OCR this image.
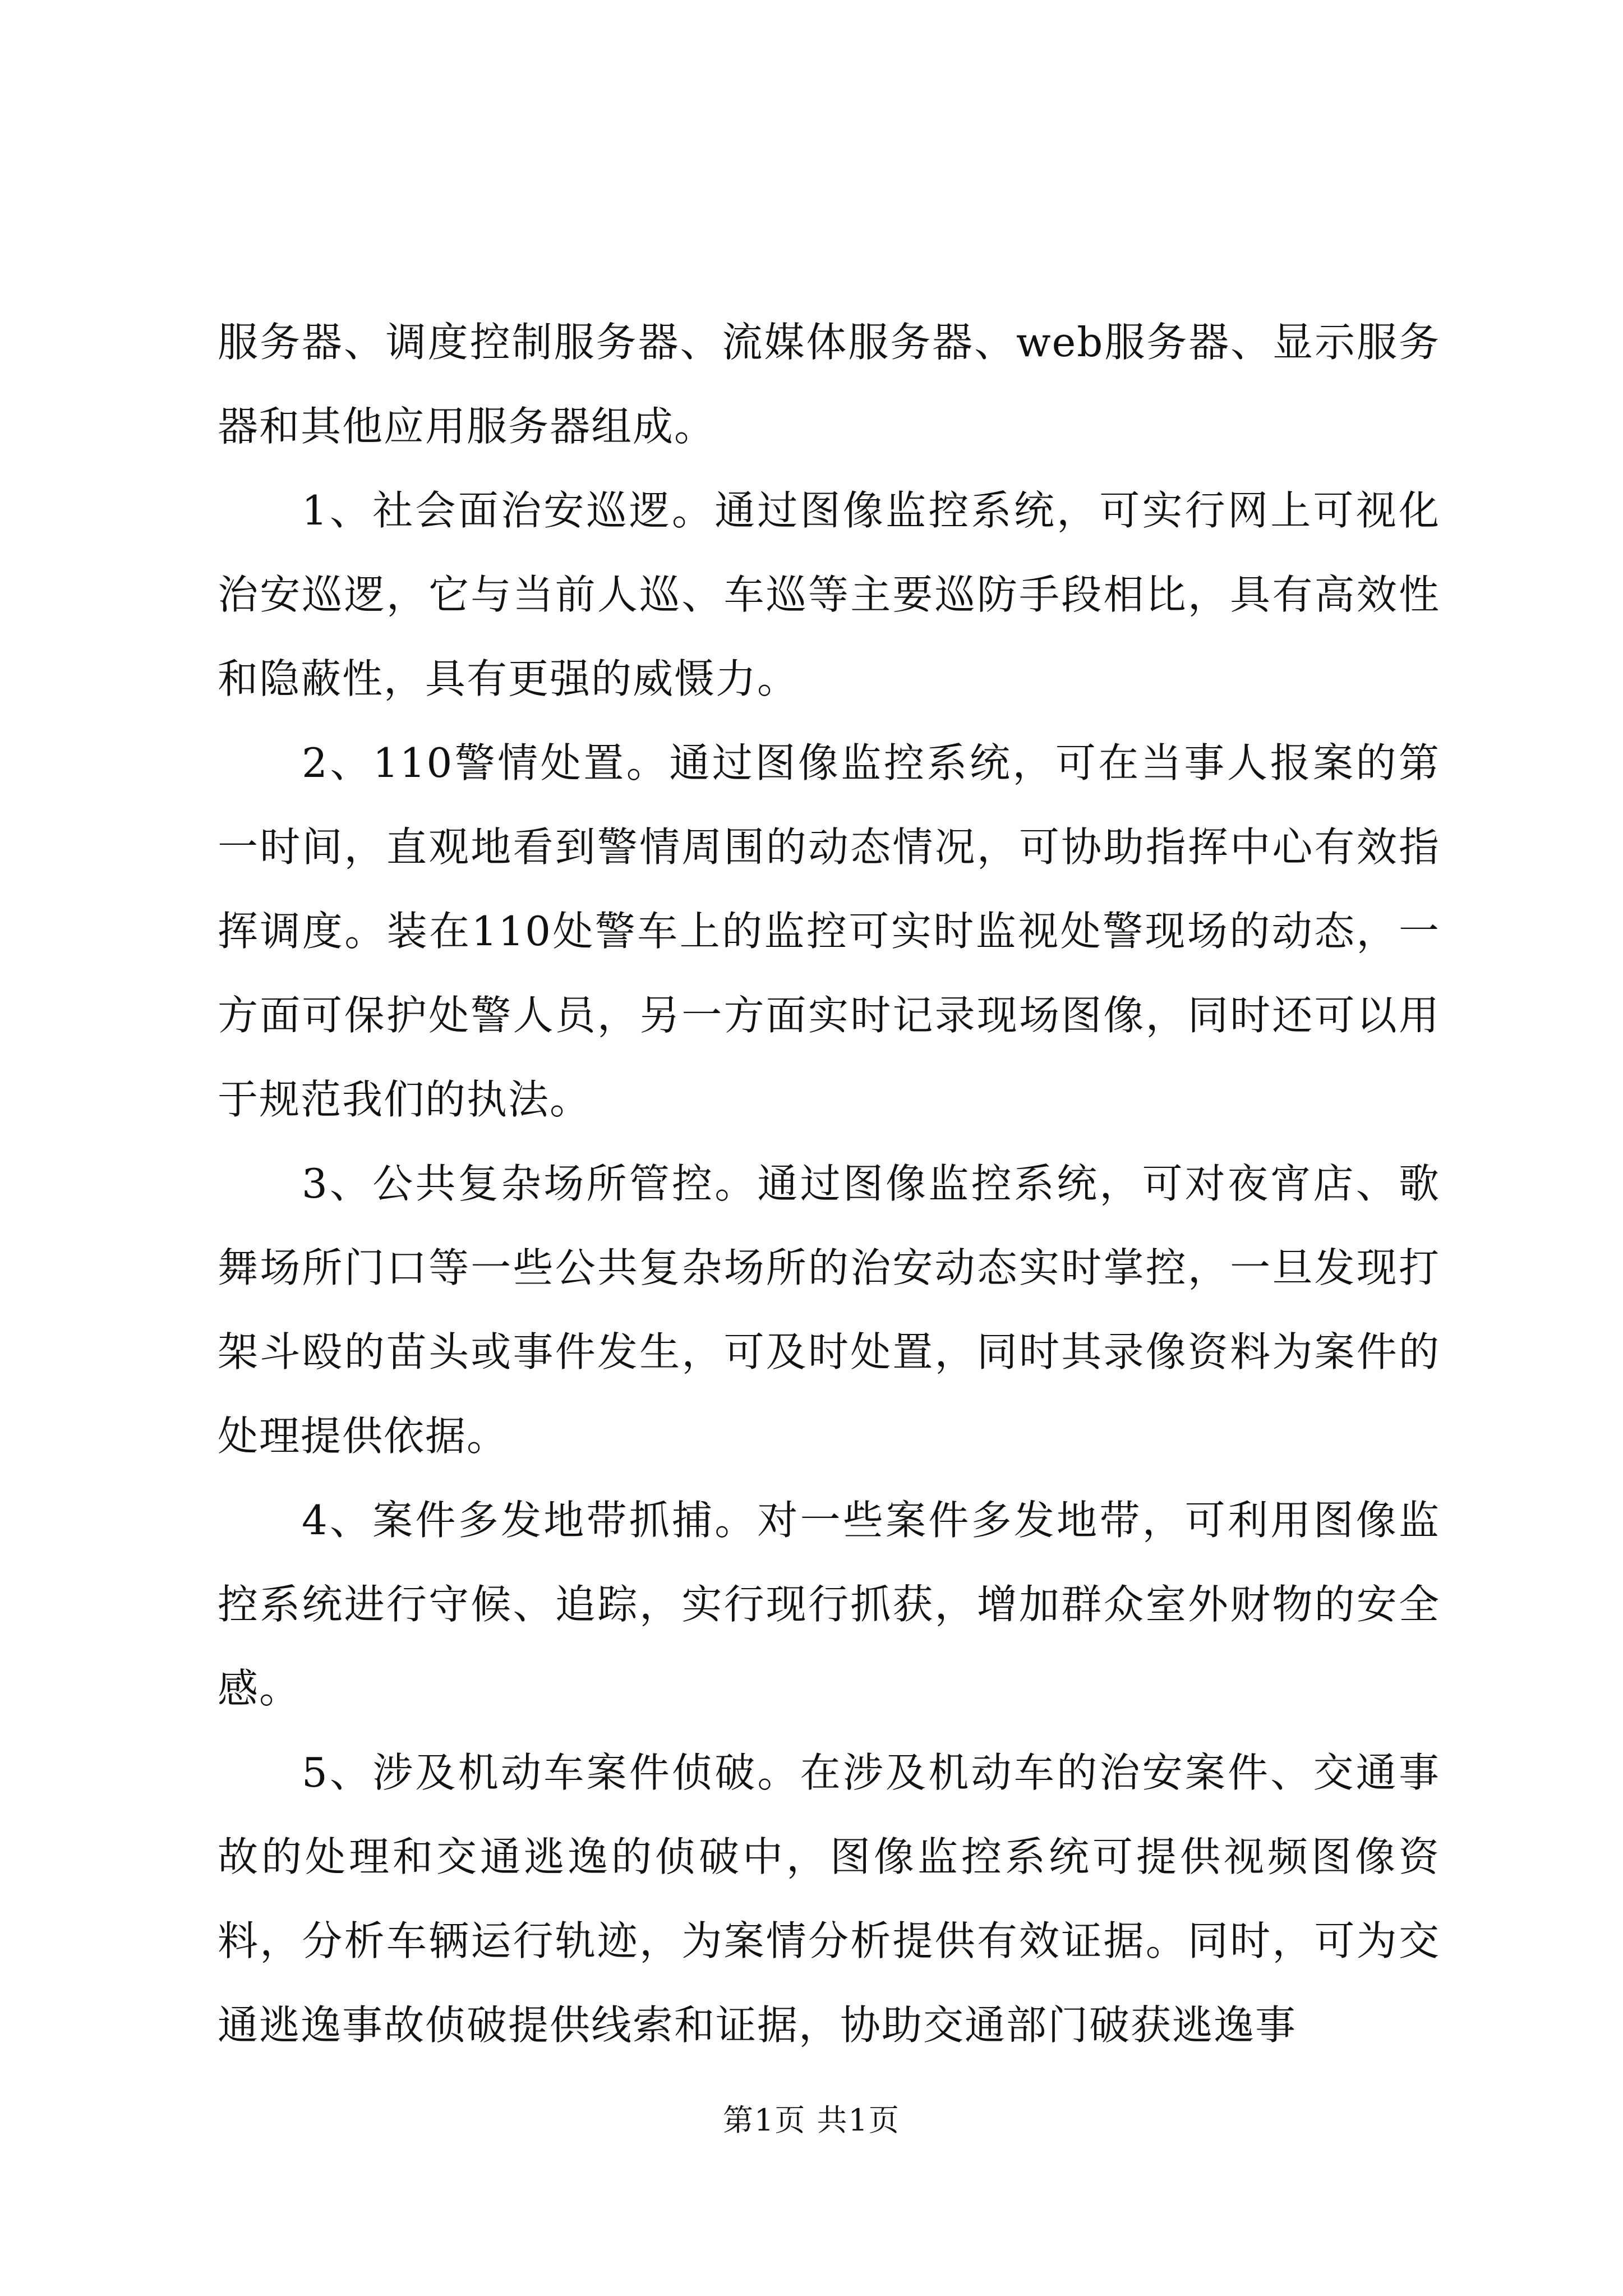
服务器、调度控制服务器、流媒体服务器、web服务器、显示服务器和其他应用服务器组成。

1、社会面治安巡逻。通过图像监控系统，可实行网上可视化治安巡逻，它与当前人巡、车巡等主要巡防手段相比，具有高效性和隐蔽性，具有更强的威慑力。

2、110警情处置。通过图像监控系统，可在当事人报案的第一时间，直观地看到警情周围的动态情况，可协助指挥中心有效指挥调度。装在110处警车上的监控可实时监视处警现场的动态，一方面可保护处警人员，另一方面实时记录现场图像，同时还可以用于规范我们的执法。

3、公共复杂场所管控。通过图像监控系统，可对夜宵店、歌舞场所门口等一些公共复杂场所的治安动态实时掌控，一旦发现打架斗殴的苗头或事件发生，可及时处置，同时其录像资料为案件的处理提供依据。

4、案件多发地带抓捕。对一些案件多发地带，可利用图像监控系统进行守候、追踪，实行现行抓获，增加群众室外财物的安全感。

5、涉及机动车案件侦破。在涉及机动车的治安案件、交通事故的处理和交通逃逸的侦破中，图像监控系统可提供视频图像资料，分析车辆运行轨迹，为案情分析提供有效证据。同时，可为交通逃逸事故侦破提供线索和证据，协助交通部门破获逃逸事

第1页 共1页
